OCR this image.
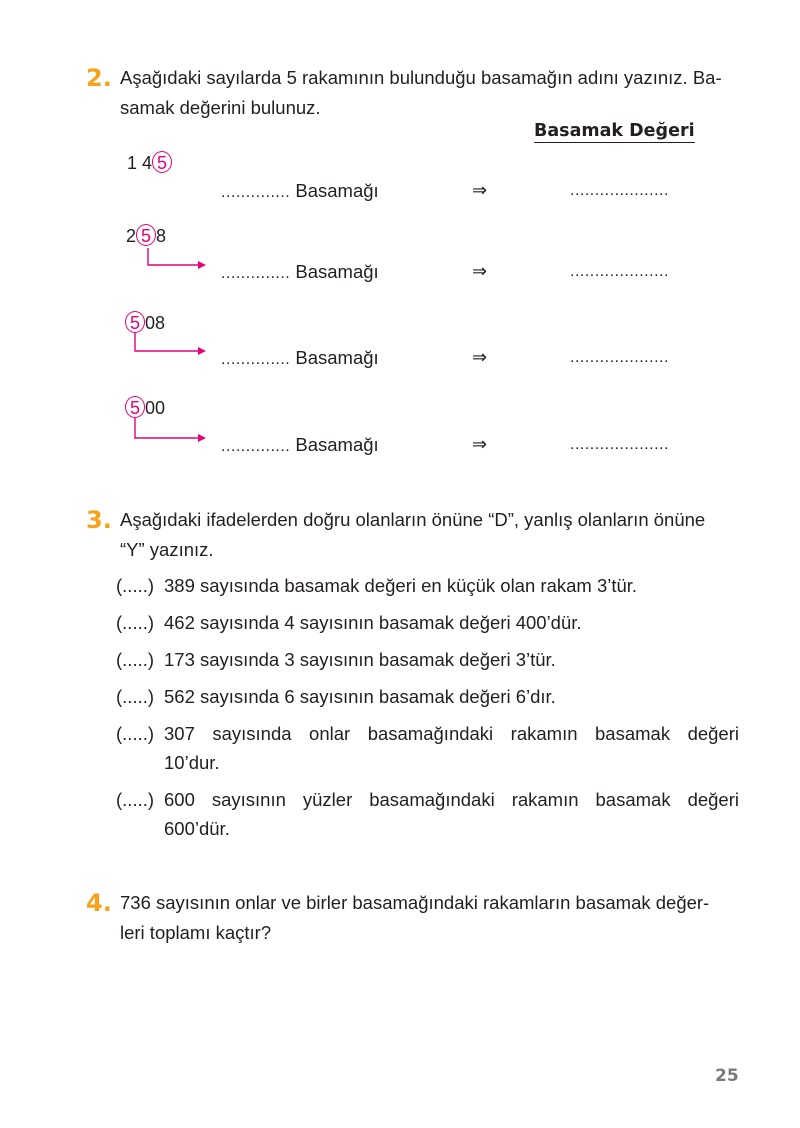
2. Aşağıdaki sayılarda 5 rakamının bulunduğu basamağın adını yazınız. Ba-
samak değerini bulunuz.
Basamak Değeri
1 4 5
.............. Basamağı	⇒	....................
2 5 8
.............. Basamağı	⇒	....................
5 08
.............. Basamağı	⇒	....................
5 00
.............. Basamağı	⇒	....................
3. Aşağıdaki ifadelerden doğru olanların önüne “D”, yanlış olanların önüne
“Y” yazınız.
(.....) 389 sayısında basamak değeri en küçük olan rakam 3’tür.
(.....) 462 sayısında 4 sayısının basamak değeri 400’dür.
(.....) 173 sayısında 3 sayısının basamak değeri 3’tür.
(.....) 562 sayısında 6 sayısının basamak değeri 6’dır.
(.....) 307 sayısında onlar basamağındaki rakamın basamak değeri
10’dur.
(.....) 600 sayısının yüzler basamağındaki rakamın basamak değeri
600’dür.
4. 736 sayısının onlar ve birler basamağındaki rakamların basamak değer-
leri toplamı kaçtır?
25
